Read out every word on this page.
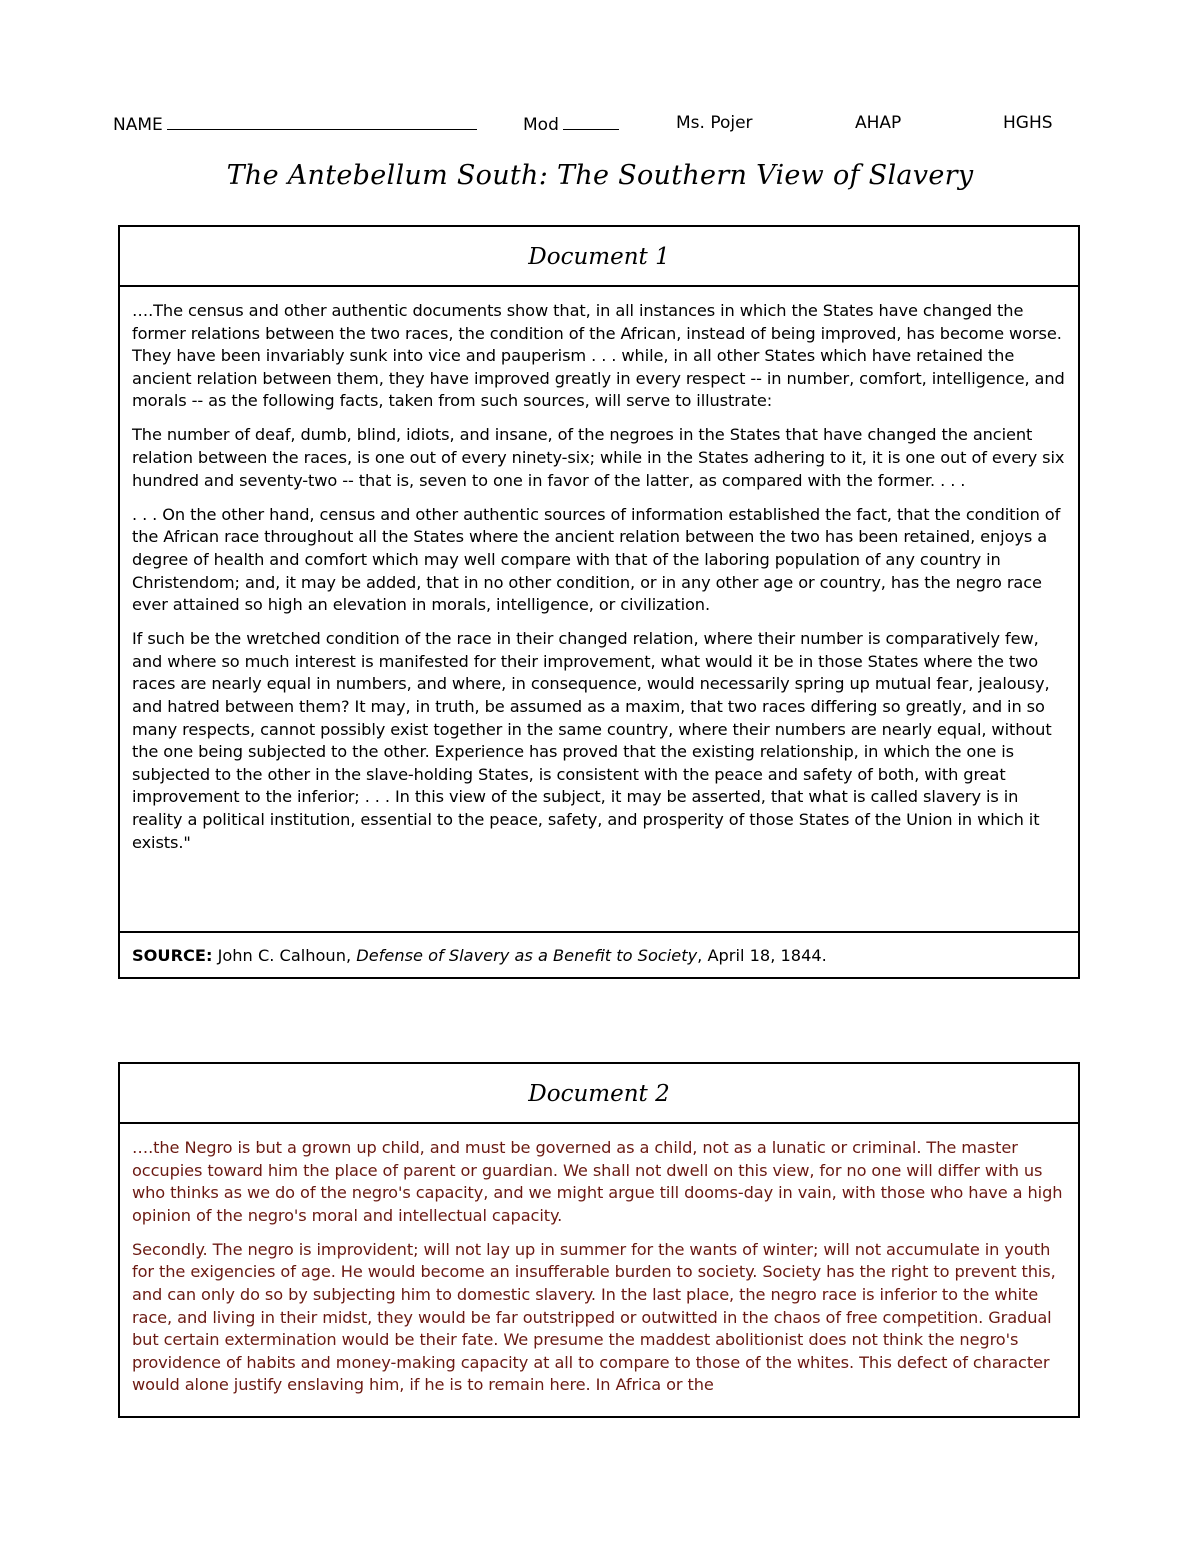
NAME	Mod	Ms. Pojer	AHAP	HGHS
The Antebellum South: The Southern View of Slavery
Document 1

….The census and other authentic documents show that, in all instances in which the States have changed the former relations between the two races, the condition of the African, instead of being improved, has become worse. They have been invariably sunk into vice and pauperism . . . while, in all other States which have retained the ancient relation between them, they have improved greatly in every respect -- in number, comfort, intelligence, and morals -- as the following facts, taken from such sources, will serve to illustrate:

The number of deaf, dumb, blind, idiots, and insane, of the negroes in the States that have changed the ancient relation between the races, is one out of every ninety-six; while in the States adhering to it, it is one out of every six hundred and seventy-two -- that is, seven to one in favor of the latter, as compared with the former. . . .

. . . On the other hand, census and other authentic sources of information established the fact, that the condition of the African race throughout all the States where the ancient relation between the two has been retained, enjoys a degree of health and comfort which may well compare with that of the laboring population of any country in Christendom; and, it may be added, that in no other condition, or in any other age or country, has the negro race ever attained so high an elevation in morals, intelligence, or civilization.

If such be the wretched condition of the race in their changed relation, where their number is comparatively few, and where so much interest is manifested for their improvement, what would it be in those States where the two races are nearly equal in numbers, and where, in consequence, would necessarily spring up mutual fear, jealousy, and hatred between them? It may, in truth, be assumed as a maxim, that two races differing so greatly, and in so many respects, cannot possibly exist together in the same country, where their numbers are nearly equal, without the one being subjected to the other. Experience has proved that the existing relationship, in which the one is subjected to the other in the slave-holding States, is consistent with the peace and safety of both, with great improvement to the inferior; . . . In this view of the subject, it may be asserted, that what is called slavery is in reality a political institution, essential to the peace, safety, and prosperity of those States of the Union in which it exists."

SOURCE: John C. Calhoun, Defense of Slavery as a Benefit to Society, April 18, 1844.
Document 2

….the Negro is but a grown up child, and must be governed as a child, not as a lunatic or criminal. The master occupies toward him the place of parent or guardian. We shall not dwell on this view, for no one will differ with us who thinks as we do of the negro's capacity, and we might argue till dooms-day in vain, with those who have a high opinion of the negro's moral and intellectual capacity.

Secondly. The negro is improvident; will not lay up in summer for the wants of winter; will not accumulate in youth for the exigencies of age. He would become an insufferable burden to society. Society has the right to prevent this, and can only do so by subjecting him to domestic slavery. In the last place, the negro race is inferior to the white race, and living in their midst, they would be far outstripped or outwitted in the chaos of free competition. Gradual but certain extermination would be their fate. We presume the maddest abolitionist does not think the negro's providence of habits and money-making capacity at all to compare to those of the whites. This defect of character would alone justify enslaving him, if he is to remain here. In Africa or the
